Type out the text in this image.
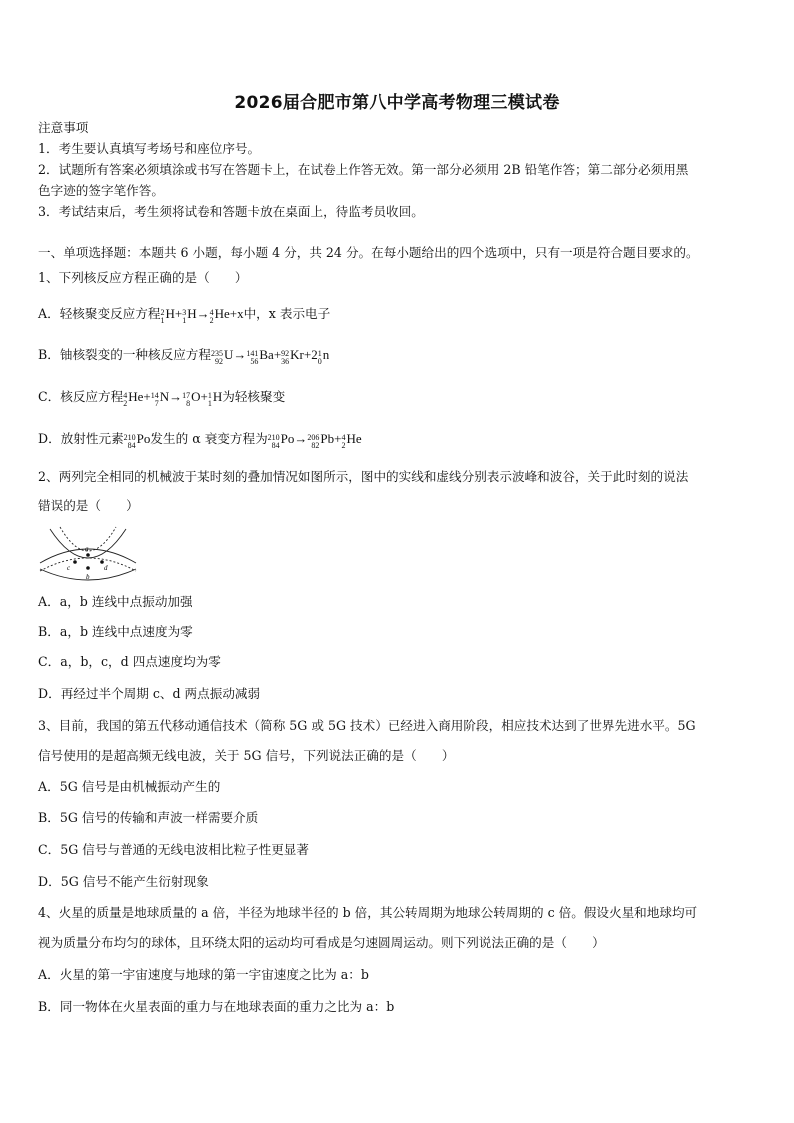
2026届合肥市第八中学高考物理三模试卷
注意事项
1．考生要认真填写考场号和座位序号。
2．试题所有答案必须填涂或书写在答题卡上，在试卷上作答无效。第一部分必须用 2B 铅笔作答；第二部分必须用黑
色字迹的签字笔作答。
3．考试结束后，考生须将试卷和答题卡放在桌面上，待监考员收回。
一、单项选择题：本题共 6 小题，每小题 4 分，共 24 分。在每小题给出的四个选项中，只有一项是符合题目要求的。
1、下列核反应方程正确的是（　　）
A．轻核聚变反应方程 2
1 H+ 3
1 H→ 4
2 He+x中，x 表示电子
B．铀核裂变的一种核反应方程 235
92 U→ 141
56 Ba+ 92
36 Kr+2 1
0 n
C．核反应方程 4
2 He+ 14
7 N→ 17
8 O+ 1
1 H为轻核聚变
D．放射性元素 210
84 Po发生的 α 衰变方程为 210
84 Po→ 206
82 Pb+ 4
2 He
2、两列完全相同的机械波于某时刻的叠加情况如图所示，图中的实线和虚线分别表示波峰和波谷，关于此时刻的说法
错误的是（　　）
a
b
c	d
A．a，b 连线中点振动加强
B．a，b 连线中点速度为零
C．a，b，c，d 四点速度均为零
D．再经过半个周期 c、d 两点振动减弱
3、目前，我国的第五代移动通信技术（简称 5G 或 5G 技术）已经进入商用阶段，相应技术达到了世界先进水平。5G
信号使用的是超高频无线电波，关于 5G 信号，下列说法正确的是（　　）
A．5G 信号是由机械振动产生的
B．5G 信号的传输和声波一样需要介质
C．5G 信号与普通的无线电波相比粒子性更显著
D．5G 信号不能产生衍射现象
4、火星的质量是地球质量的 a 倍，半径为地球半径的 b 倍，其公转周期为地球公转周期的 c 倍。假设火星和地球均可
视为质量分布均匀的球体，且环绕太阳的运动均可看成是匀速圆周运动。则下列说法正确的是（　　）
A．火星的第一宇宙速度与地球的第一宇宙速度之比为 a：b
B．同一物体在火星表面的重力与在地球表面的重力之比为 a：b
